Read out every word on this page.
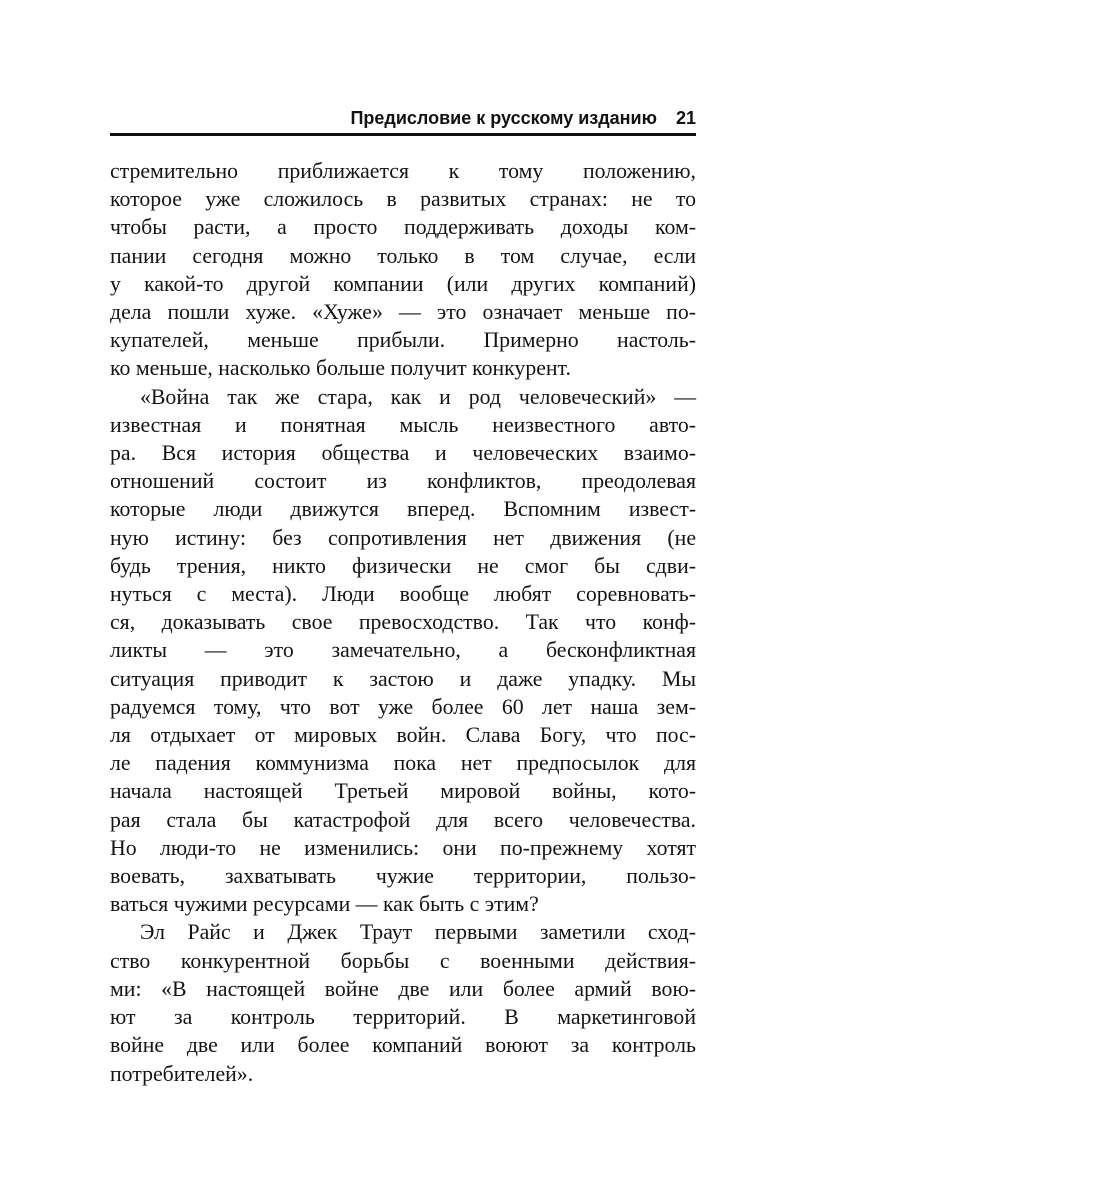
Предисловие к русскому изданию 21
стремительно приближается к тому положению,
которое уже сложилось в развитых странах: не то
чтобы расти, а просто поддерживать доходы ком-
пании сегодня можно только в том случае, если
у какой-то другой компании (или других компаний)
дела пошли хуже. «Хуже» — это означает меньше по-
купателей, меньше прибыли. Примерно настоль-
ко меньше, насколько больше получит конкурент.
«Война так же стара, как и род человеческий» —
известная и понятная мысль неизвестного авто-
ра. Вся история общества и человеческих взаимо-
отношений состоит из конфликтов, преодолевая
которые люди движутся вперед. Вспомним извест-
ную истину: без сопротивления нет движения (не
будь трения, никто физически не смог бы сдви-
нуться с места). Люди вообще любят соревновать-
ся, доказывать свое превосходство. Так что конф-
ликты — это замечательно, а бесконфликтная
ситуация приводит к застою и даже упадку. Мы
радуемся тому, что вот уже более 60 лет наша зем-
ля отдыхает от мировых войн. Слава Богу, что пос-
ле падения коммунизма пока нет предпосылок для
начала настоящей Третьей мировой войны, кото-
рая стала бы катастрофой для всего человечества.
Но люди-то не изменились: они по-прежнему хотят
воевать, захватывать чужие территории, пользо-
ваться чужими ресурсами — как быть с этим?
Эл Райс и Джек Траут первыми заметили сход-
ство конкурентной борьбы с военными действия-
ми: «В настоящей войне две или более армий вою-
ют за контроль территорий. В маркетинговой
войне две или более компаний воюют за контроль
потребителей».
